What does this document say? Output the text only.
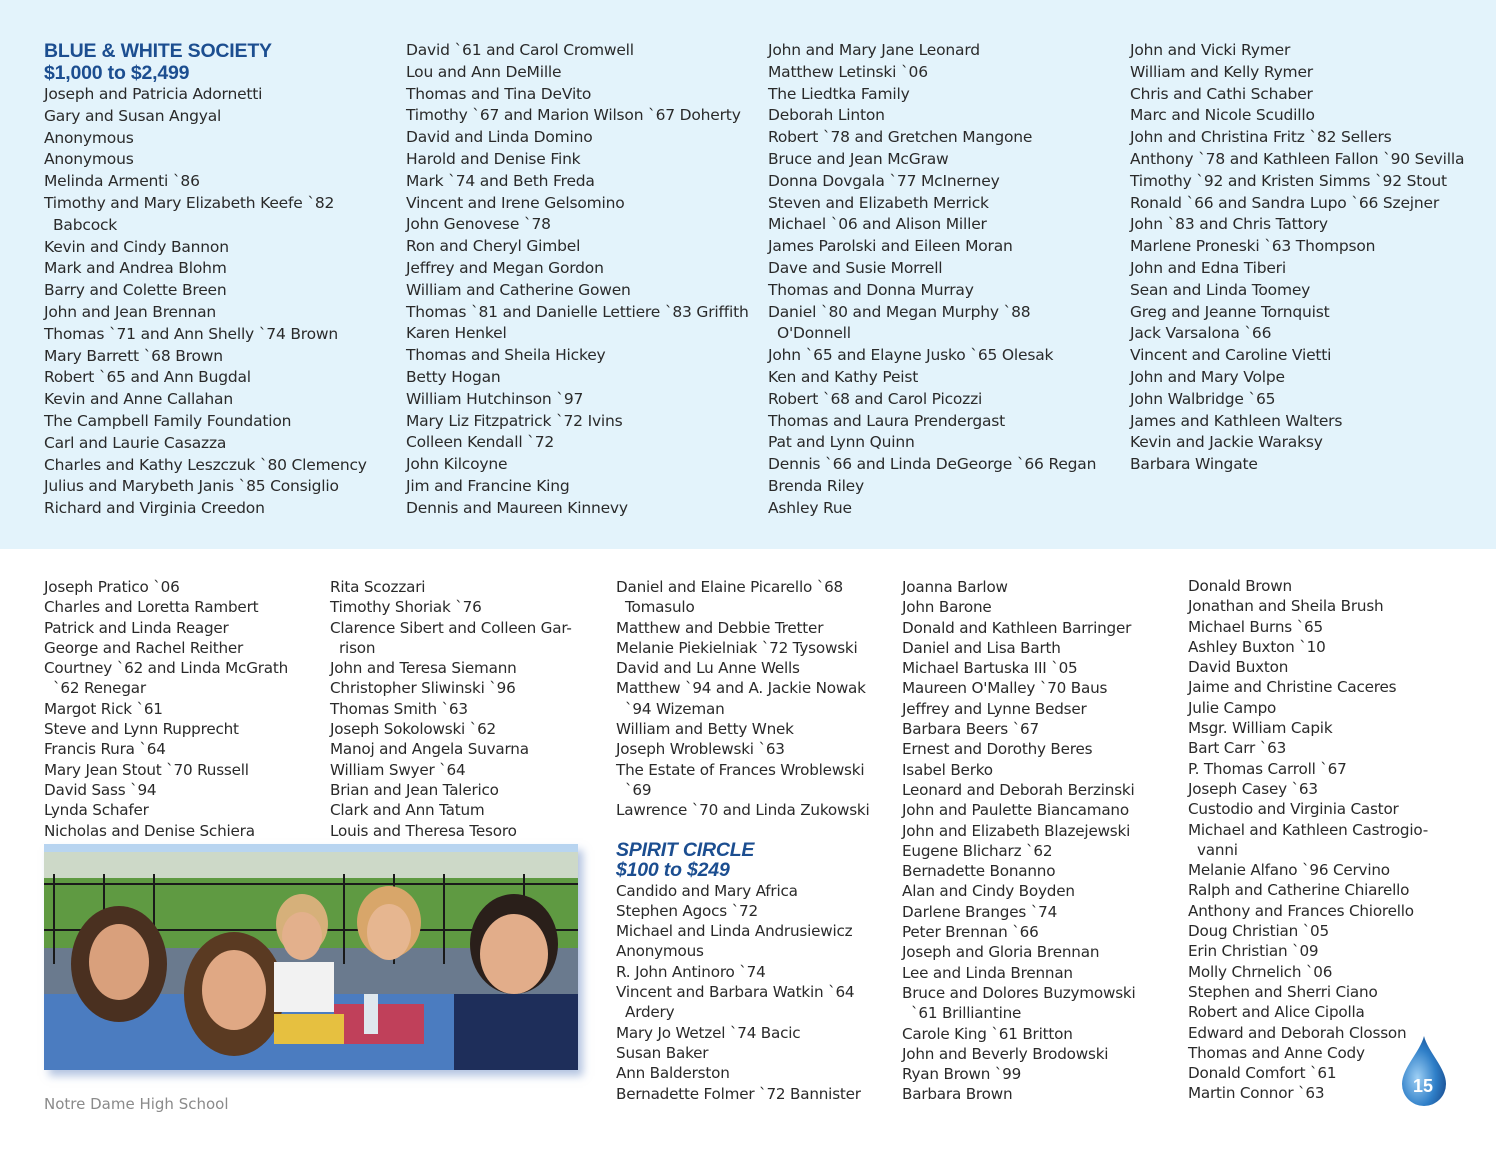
BLUE & WHITE SOCIETY
$1,000 to $2,499
Joseph and Patricia Adornetti
Gary and Susan Angyal
Anonymous
Anonymous
Melinda Armenti `86
Timothy and Mary Elizabeth Keefe `82
Babcock
Kevin and Cindy Bannon
Mark and Andrea Blohm
Barry and Colette Breen
John and Jean Brennan
Thomas `71 and Ann Shelly `74 Brown
Mary Barrett `68 Brown
Robert `65 and Ann Bugdal
Kevin and Anne Callahan
The Campbell Family Foundation
Carl and Laurie Casazza
Charles and Kathy Leszczuk `80 Clemency
Julius and Marybeth Janis `85 Consiglio
Richard and Virginia Creedon
David `61 and Carol Cromwell
Lou and Ann DeMille
Thomas and Tina DeVito
Timothy `67 and Marion Wilson `67 Doherty
David and Linda Domino
Harold and Denise Fink
Mark `74 and Beth Freda
Vincent and Irene Gelsomino
John Genovese `78
Ron and Cheryl Gimbel
Jeffrey and Megan Gordon
William and Catherine Gowen
Thomas `81 and Danielle Lettiere `83 Griffith
Karen Henkel
Thomas and Sheila Hickey
Betty Hogan
William Hutchinson `97
Mary Liz Fitzpatrick `72 Ivins
Colleen Kendall `72
John Kilcoyne
Jim and Francine King
Dennis and Maureen Kinnevy
John and Mary Jane Leonard
Matthew Letinski `06
The Liedtka Family
Deborah Linton
Robert `78 and Gretchen Mangone
Bruce and Jean McGraw
Donna Dovgala `77 McInerney
Steven and Elizabeth Merrick
Michael `06 and Alison Miller
James Parolski and Eileen Moran
Dave and Susie Morrell
Thomas and Donna Murray
Daniel `80 and Megan Murphy `88
O'Donnell
John `65 and Elayne Jusko `65 Olesak
Ken and Kathy Peist
Robert `68 and Carol Picozzi
Thomas and Laura Prendergast
Pat and Lynn Quinn
Dennis `66 and Linda DeGeorge `66 Regan
Brenda Riley
Ashley Rue
John and Vicki Rymer
William and Kelly Rymer
Chris and Cathi Schaber
Marc and Nicole Scudillo
John and Christina Fritz `82 Sellers
Anthony `78 and Kathleen Fallon `90 Sevilla
Timothy `92 and Kristen Simms `92 Stout
Ronald `66 and Sandra Lupo `66 Szejner
John `83 and Chris Tattory
Marlene Proneski `63 Thompson
John and Edna Tiberi
Sean and Linda Toomey
Greg and Jeanne Tornquist
Jack Varsalona `66
Vincent and Caroline Vietti
John and Mary Volpe
John Walbridge `65
James and Kathleen Walters
Kevin and Jackie Waraksy
Barbara Wingate
Joseph Pratico `06
Charles and Loretta Rambert
Patrick and Linda Reager
George and Rachel Reither
Courtney `62 and Linda McGrath
`62 Renegar
Margot Rick `61
Steve and Lynn Rupprecht
Francis Rura `64
Mary Jean Stout `70 Russell
David Sass `94
Lynda Schafer
Nicholas and Denise Schiera
Rita Scozzari
Timothy Shoriak `76
Clarence Sibert and Colleen Gar-
rison
John and Teresa Siemann
Christopher Sliwinski `96
Thomas Smith `63
Joseph Sokolowski `62
Manoj and Angela Suvarna
William Swyer `64
Brian and Jean Talerico
Clark and Ann Tatum
Louis and Theresa Tesoro
Daniel and Elaine Picarello `68
Tomasulo
Matthew and Debbie Tretter
Melanie Piekielniak `72 Tysowski
David and Lu Anne Wells
Matthew `94 and A. Jackie Nowak
`94 Wizeman
William and Betty Wnek
Joseph Wroblewski `63
The Estate of Frances Wroblewski
`69
Lawrence `70 and Linda Zukowski
SPIRIT CIRCLE
$100 to $249
Candido and Mary Africa
Stephen Agocs `72
Michael and Linda Andrusiewicz
Anonymous
R. John Antinoro `74
Vincent and Barbara Watkin `64
Ardery
Mary Jo Wetzel `74 Bacic
Susan Baker
Ann Balderston
Bernadette Folmer `72 Bannister
Joanna Barlow
John Barone
Donald and Kathleen Barringer
Daniel and Lisa Barth
Michael Bartuska III `05
Maureen O'Malley `70 Baus
Jeffrey and Lynne Bedser
Barbara Beers `67
Ernest and Dorothy Beres
Isabel Berko
Leonard and Deborah Berzinski
John and Paulette Biancamano
John and Elizabeth Blazejewski
Eugene Blicharz `62
Bernadette Bonanno
Alan and Cindy Boyden
Darlene Branges `74
Peter Brennan `66
Joseph and Gloria Brennan
Lee and Linda Brennan
Bruce and Dolores Buzymowski
`61 Brilliantine
Carole King `61 Britton
John and Beverly Brodowski
Ryan Brown `99
Barbara Brown
Donald Brown
Jonathan and Sheila Brush
Michael Burns `65
Ashley Buxton `10
David Buxton
Jaime and Christine Caceres
Julie Campo
Msgr. William Capik
Bart Carr `63
P. Thomas Carroll `67
Joseph Casey `63
Custodio and Virginia Castor
Michael and Kathleen Castrogio-
vanni
Melanie Alfano `96 Cervino
Ralph and Catherine Chiarello
Anthony and Frances Chiorello
Doug Christian `05
Erin Christian `09
Molly Chrnelich `06
Stephen and Sherri Ciano
Robert and Alice Cipolla
Edward and Deborah Closson
Thomas and Anne Cody
Donald Comfort `61
Martin Connor `63
Notre Dame High School
15
